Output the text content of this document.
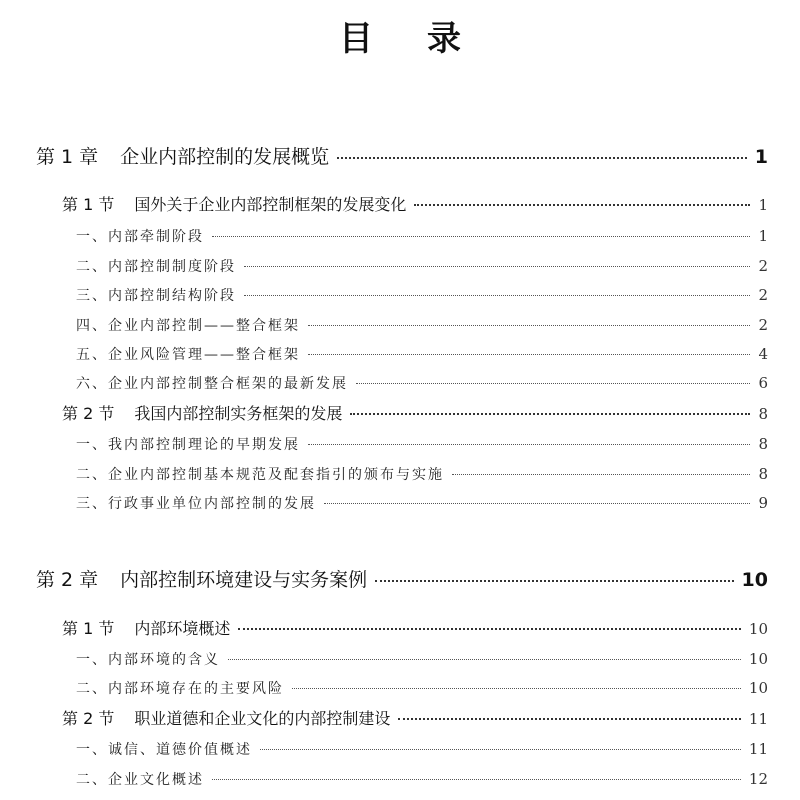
目 录
第 1 章 企业内部控制的发展概览	1
第 1 节 国外关于企业内部控制框架的发展变化	1
一、内部牵制阶段	1
二、内部控制制度阶段	2
三、内部控制结构阶段	2
四、企业内部控制——整合框架	2
五、企业风险管理——整合框架	4
六、企业内部控制整合框架的最新发展	6
第 2 节 我国内部控制实务框架的发展	8
一、我内部控制理论的早期发展	8
二、企业内部控制基本规范及配套指引的颁布与实施	8
三、行政事业单位内部控制的发展	9
第 2 章 内部控制环境建设与实务案例	10
第 1 节 内部环境概述	10
一、内部环境的含义	10
二、内部环境存在的主要风险	10
第 2 节 职业道德和企业文化的内部控制建设	11
一、诚信、道德价值概述	11
二、企业文化概述	12
